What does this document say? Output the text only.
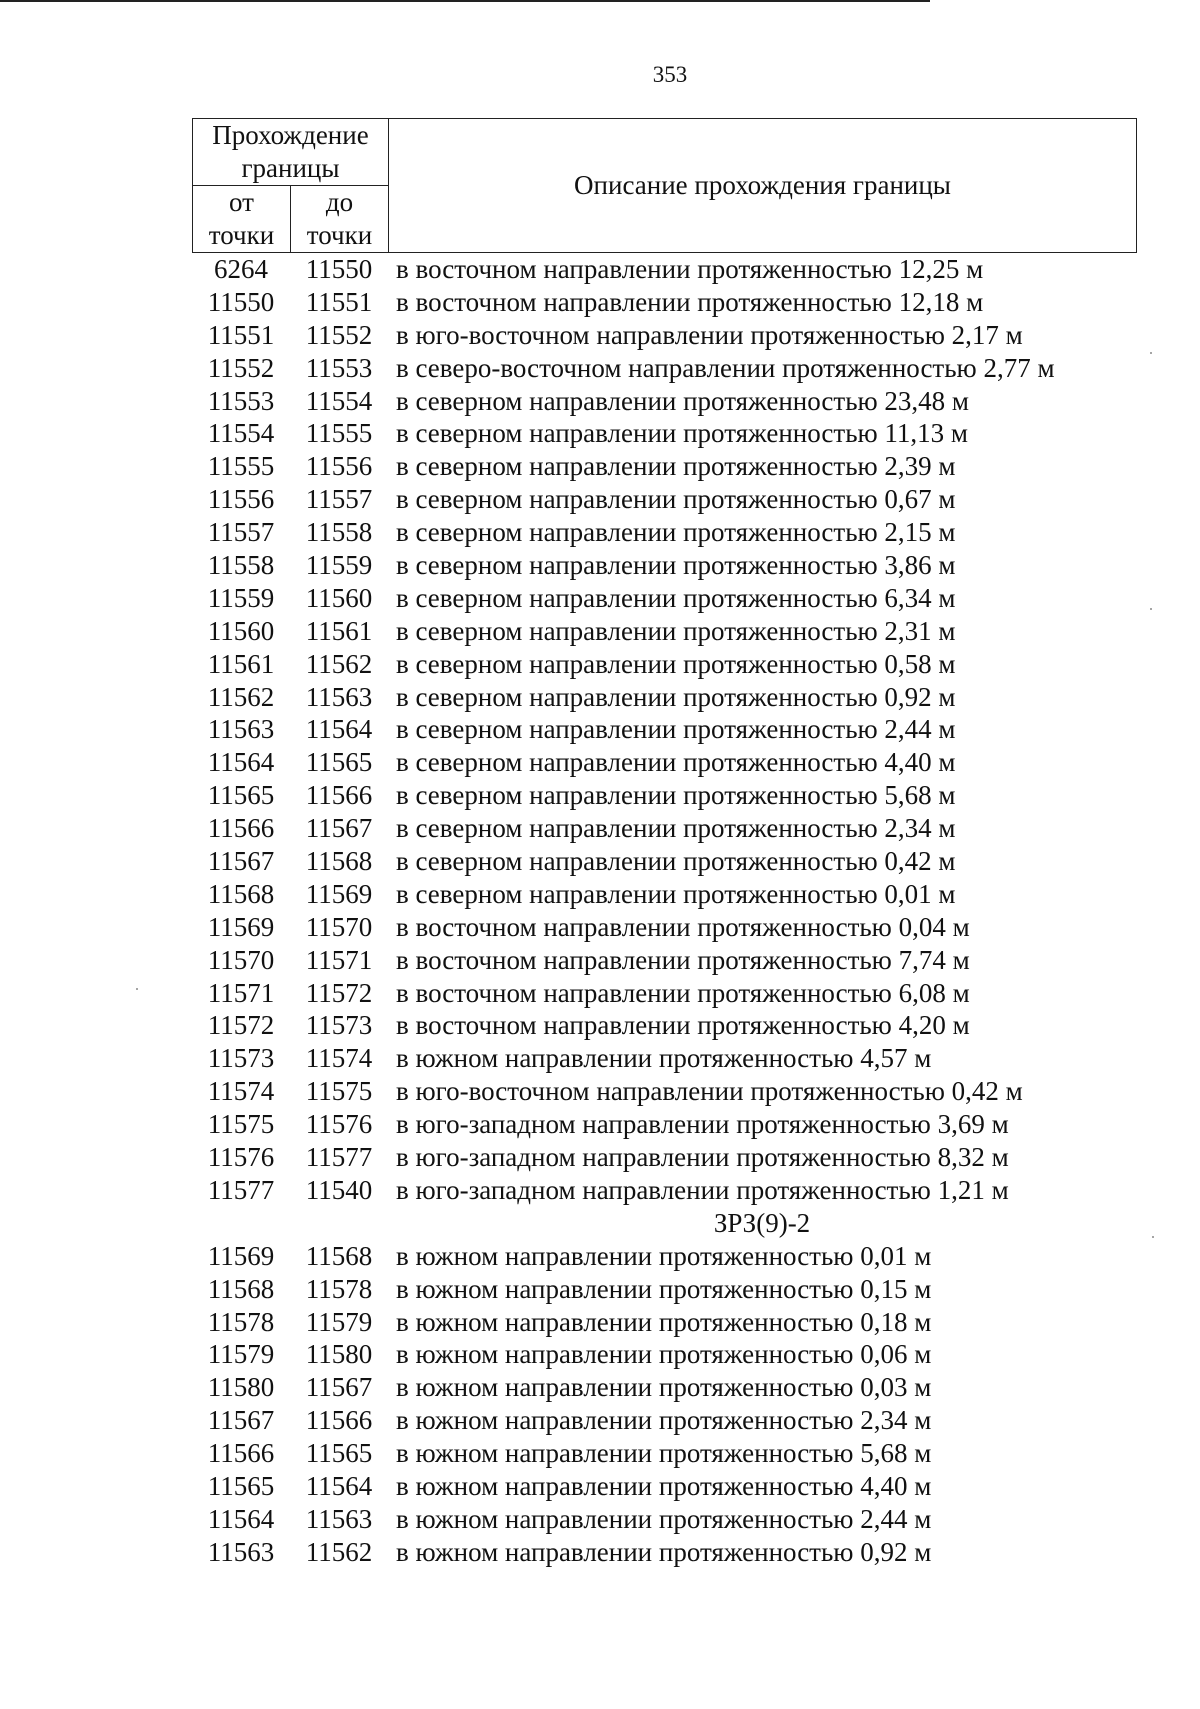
353
Прохождение границы		Описание прохождения границы
от точки	до точки	
6264	11550 в восточном направлении протяженностью 12,25 м
11550	11551 в восточном направлении протяженностью 12,18 м
11551	11552 в юго-восточном направлении протяженностью 2,17 м
11552	11553 в северо-восточном направлении протяженностью 2,77 м
11553	11554 в северном направлении протяженностью 23,48 м
11554	11555 в северном направлении протяженностью 11,13 м
11555	11556 в северном направлении протяженностью 2,39 м
11556	11557 в северном направлении протяженностью 0,67 м
11557	11558 в северном направлении протяженностью 2,15 м
11558	11559 в северном направлении протяженностью 3,86 м
11559	11560 в северном направлении протяженностью 6,34 м
11560	11561 в северном направлении протяженностью 2,31 м
11561	11562 в северном направлении протяженностью 0,58 м
11562	11563 в северном направлении протяженностью 0,92 м
11563	11564 в северном направлении протяженностью 2,44 м
11564	11565 в северном направлении протяженностью 4,40 м
11565	11566 в северном направлении протяженностью 5,68 м
11566	11567 в северном направлении протяженностью 2,34 м
11567	11568 в северном направлении протяженностью 0,42 м
11568	11569 в северном направлении протяженностью 0,01 м
11569	11570 в восточном направлении протяженностью 0,04 м
11570	11571 в восточном направлении протяженностью 7,74 м
11571	11572 в восточном направлении протяженностью 6,08 м
11572	11573 в восточном направлении протяженностью 4,20 м
11573	11574 в южном направлении протяженностью 4,57 м
11574	11575 в юго-восточном направлении протяженностью 0,42 м
11575	11576 в юго-западном направлении протяженностью 3,69 м
11576	11577 в юго-западном направлении протяженностью 8,32 м
11577	11540 в юго-западном направлении протяженностью 1,21 м
ЗРЗ(9)-2
11569	11568 в южном направлении протяженностью 0,01 м
11568	11578 в южном направлении протяженностью 0,15 м
11578	11579 в южном направлении протяженностью 0,18 м
11579	11580 в южном направлении протяженностью 0,06 м
11580	11567 в южном направлении протяженностью 0,03 м
11567	11566 в южном направлении протяженностью 2,34 м
11566	11565 в южном направлении протяженностью 5,68 м
11565	11564 в южном направлении протяженностью 4,40 м
11564	11563 в южном направлении протяженностью 2,44 м
11563	11562 в южном направлении протяженностью 0,92 м
